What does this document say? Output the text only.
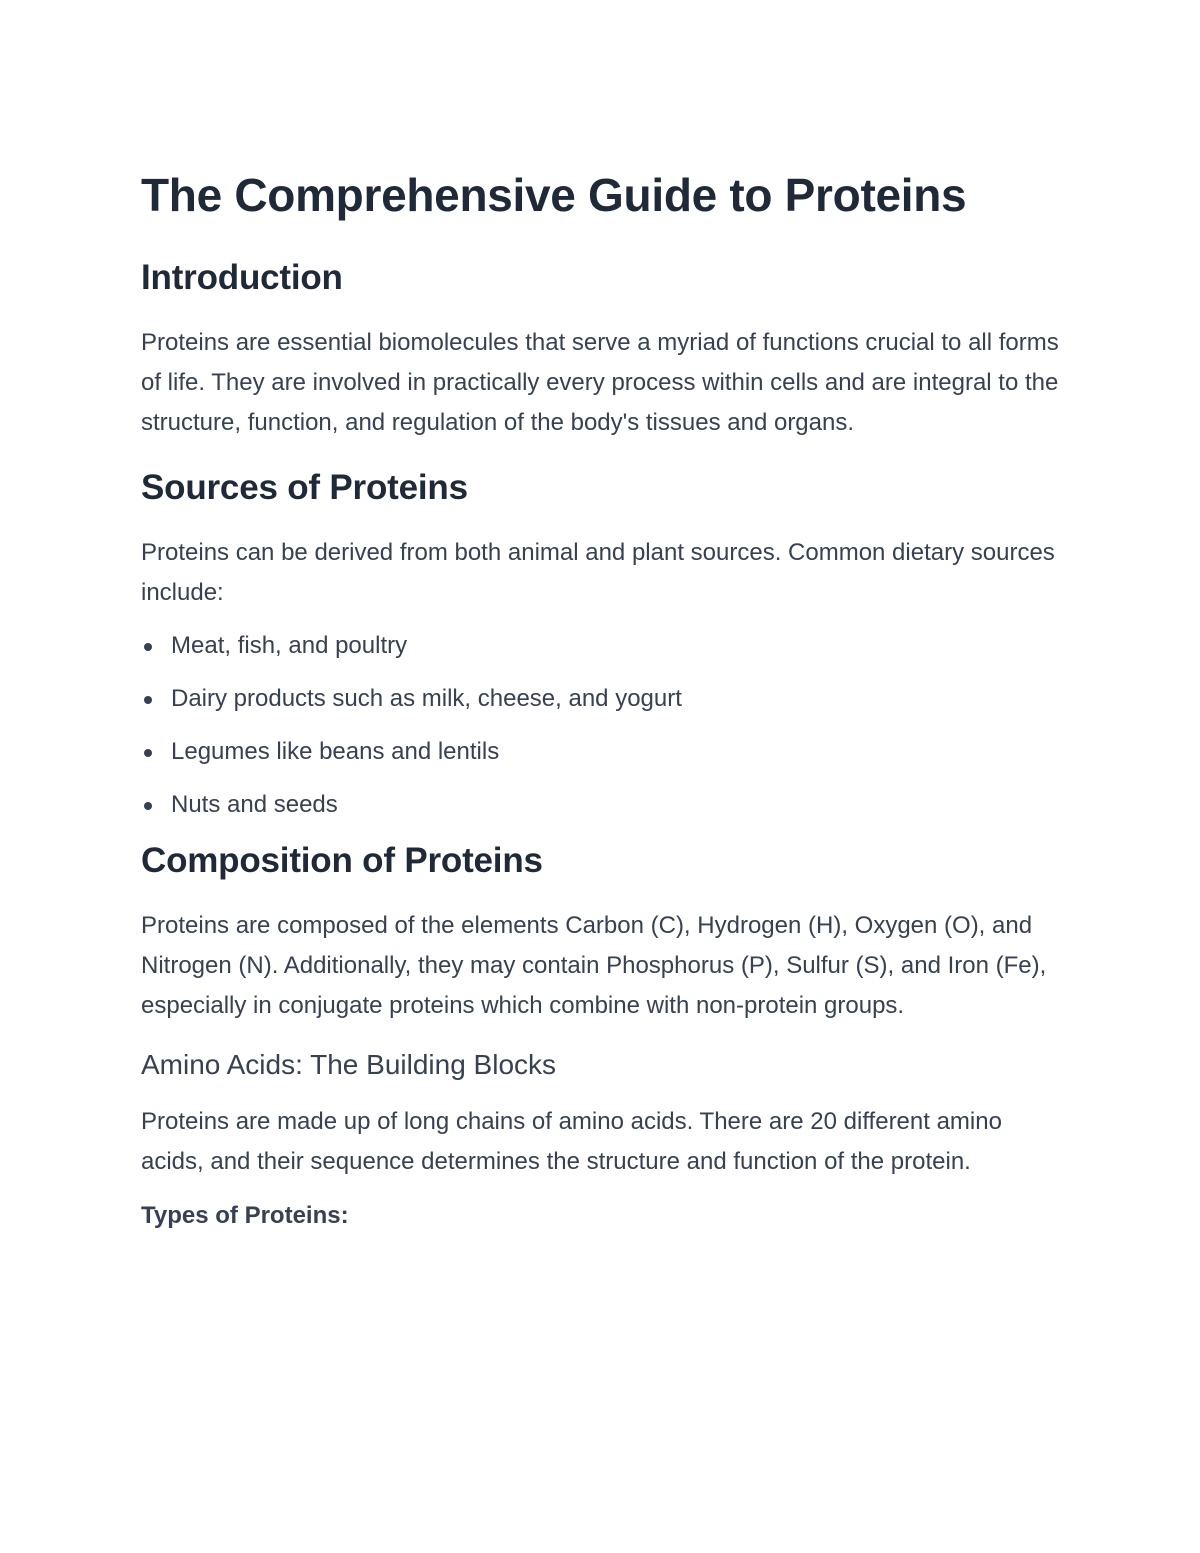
The Comprehensive Guide to Proteins
Introduction

Proteins are essential biomolecules that serve a myriad of functions crucial to all forms of life. They are involved in practically every process within cells and are integral to the structure, function, and regulation of the body's tissues and organs.

Sources of Proteins

Proteins can be derived from both animal and plant sources. Common dietary sources include:

Meat, fish, and poultry
Dairy products such as milk, cheese, and yogurt
Legumes like beans and lentils
Nuts and seeds
Composition of Proteins

Proteins are composed of the elements Carbon (C), Hydrogen (H), Oxygen (O), and Nitrogen (N). Additionally, they may contain Phosphorus (P), Sulfur (S), and Iron (Fe), especially in conjugate proteins which combine with non-protein groups.

Amino Acids: The Building Blocks

Proteins are made up of long chains of amino acids. There are 20 different amino acids, and their sequence determines the structure and function of the protein.

Types of Proteins:
